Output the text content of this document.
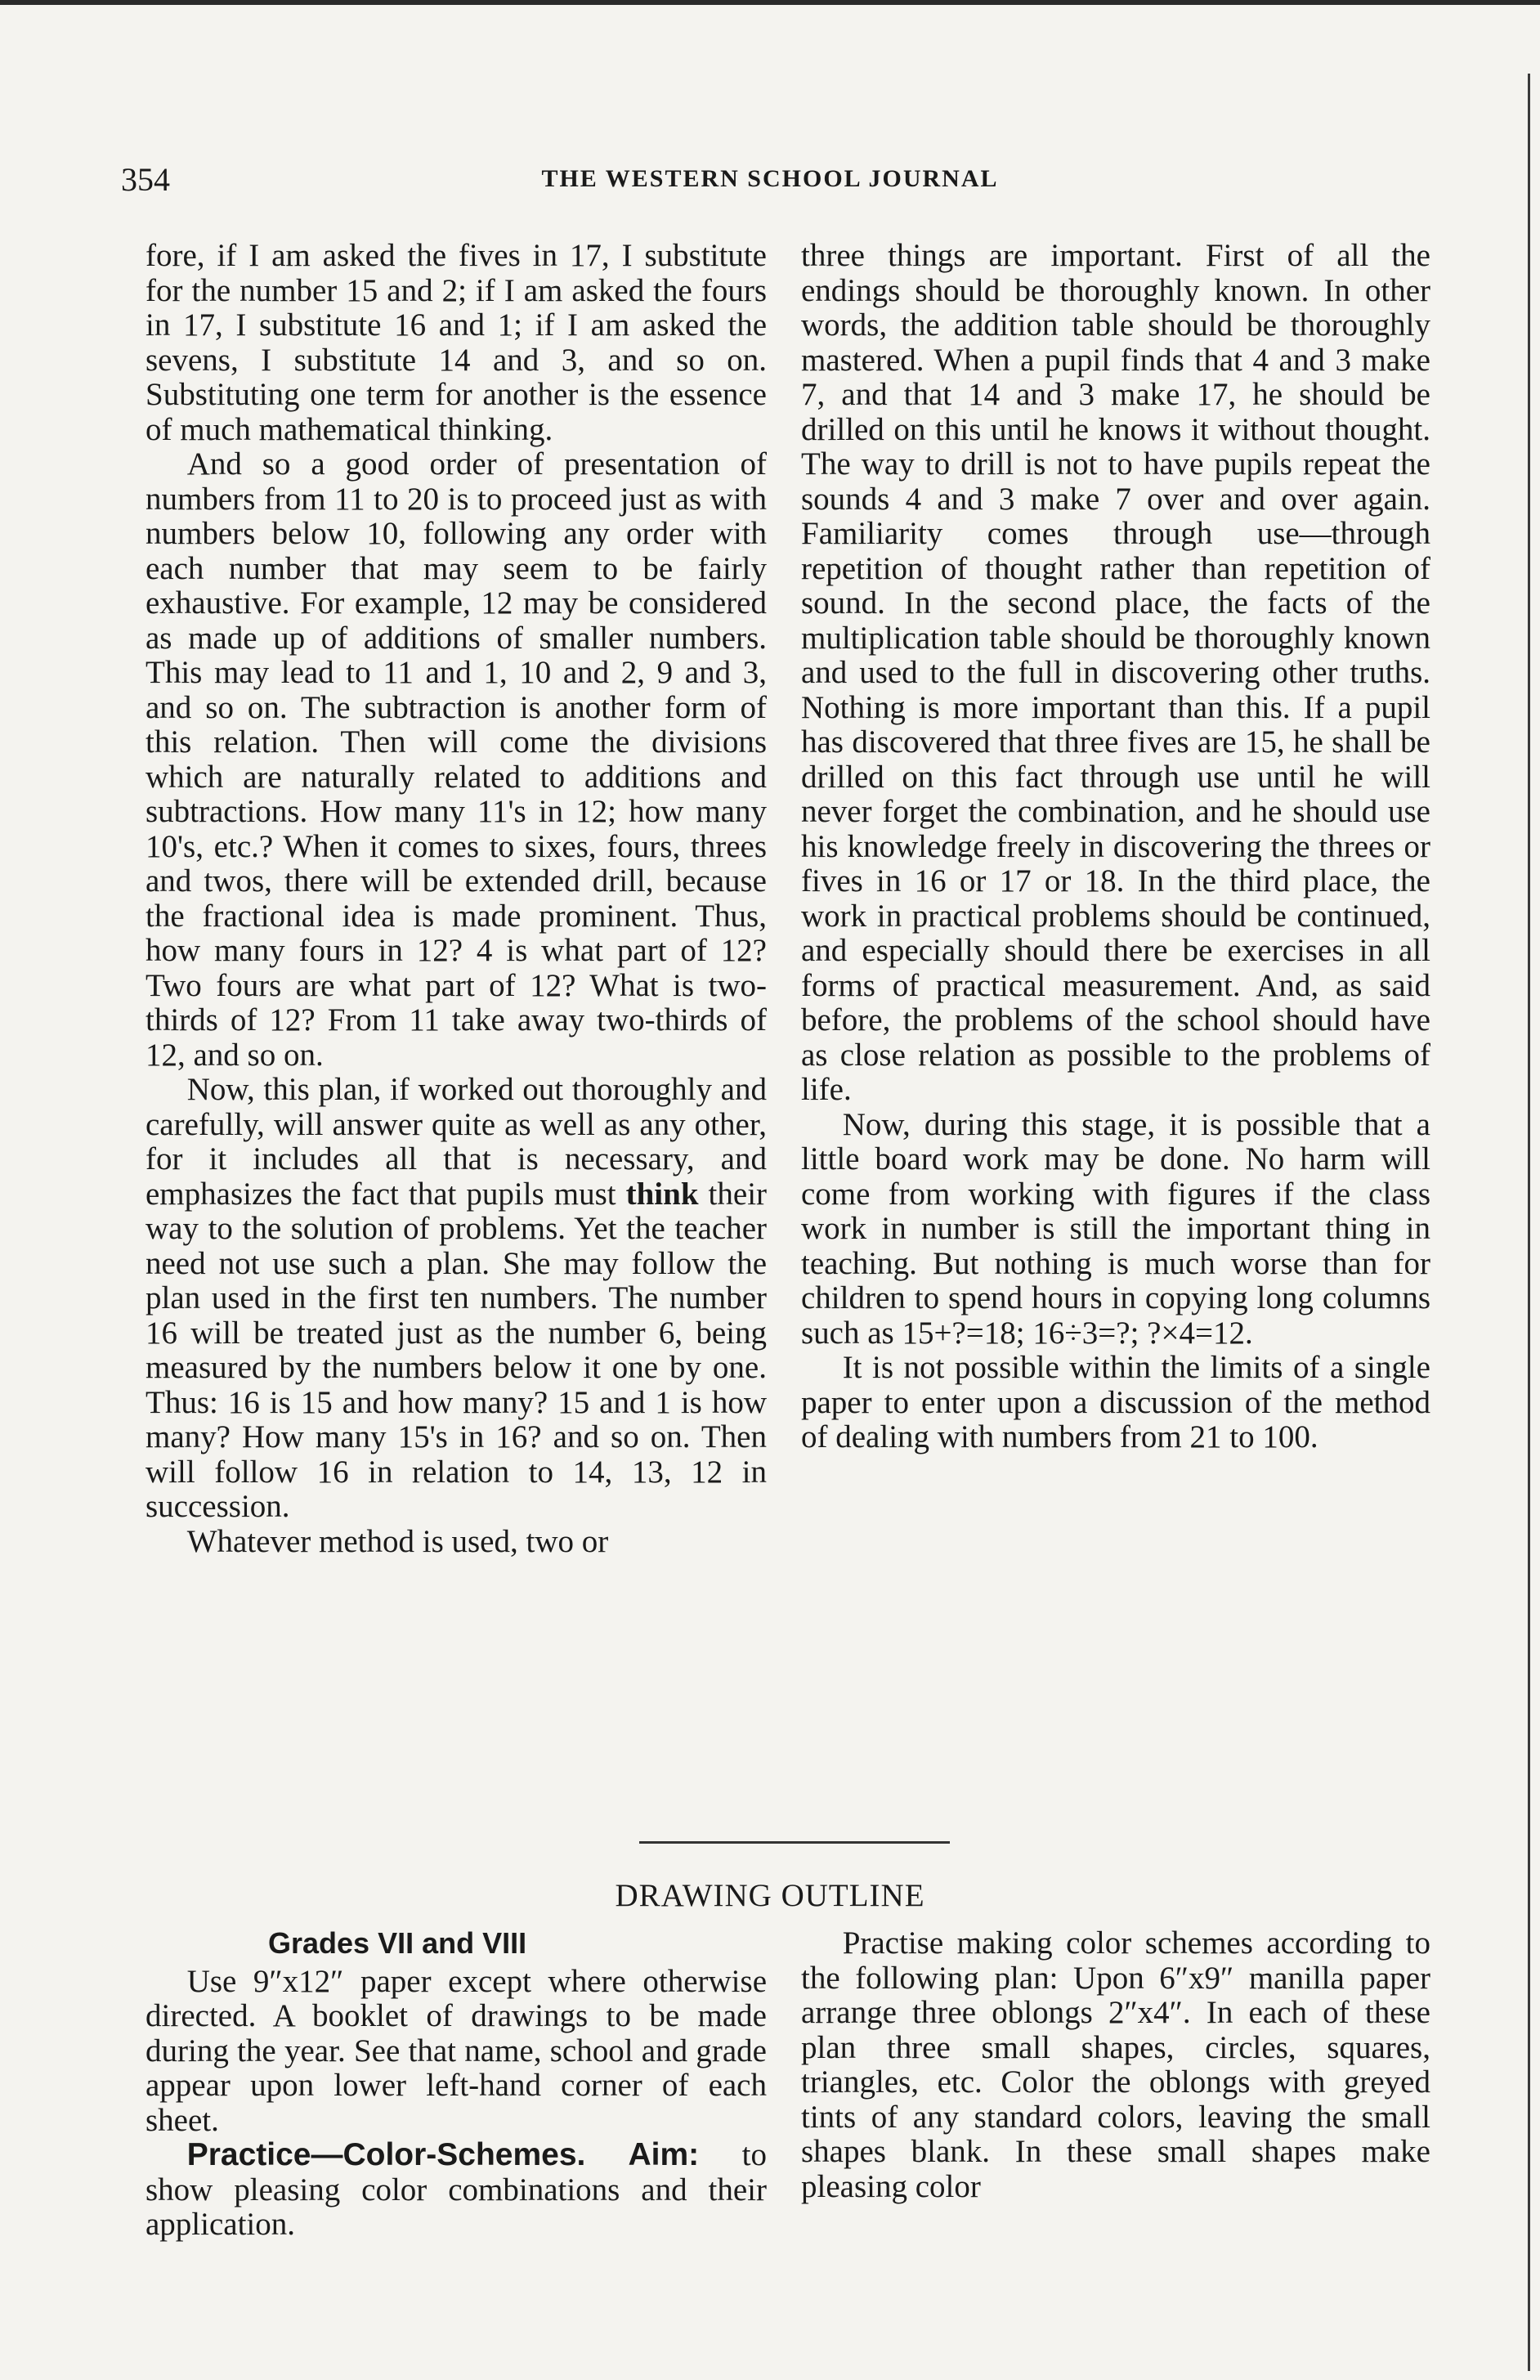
354	THE WESTERN SCHOOL JOURNAL

fore, if I am asked the fives in 17, I substitute for the number 15 and 2; if I am asked the fours in 17, I substitute 16 and 1; if I am asked the sevens, I substitute 14 and 3, and so on. Substituting one term for another is the essence of much mathematical thinking.

And so a good order of presentation of numbers from 11 to 20 is to proceed just as with numbers below 10, following any order with each number that may seem to be fairly exhaustive. For example, 12 may be considered as made up of additions of smaller numbers. This may lead to 11 and 1, 10 and 2, 9 and 3, and so on. The subtraction is another form of this relation. Then will come the divisions which are naturally related to additions and subtractions. How many 11's in 12; how many 10's, etc.? When it comes to sixes, fours, threes and twos, there will be extended drill, because the fractional idea is made prominent. Thus, how many fours in 12? 4 is what part of 12? Two fours are what part of 12? What is two-thirds of 12? From 11 take away two-thirds of 12, and so on.

Now, this plan, if worked out thoroughly and carefully, will answer quite as well as any other, for it includes all that is necessary, and emphasizes the fact that pupils must think their way to the solution of problems. Yet the teacher need not use such a plan. She may follow the plan used in the first ten numbers. The number 16 will be treated just as the number 6, being measured by the numbers below it one by one. Thus: 16 is 15 and how many? 15 and 1 is how many? How many 15's in 16? and so on. Then will follow 16 in relation to 14, 13, 12 in succession.

Whatever method is used, two or

three things are important. First of all the endings should be thoroughly known. In other words, the addition table should be thoroughly mastered. When a pupil finds that 4 and 3 make 7, and that 14 and 3 make 17, he should be drilled on this until he knows it without thought. The way to drill is not to have pupils repeat the sounds 4 and 3 make 7 over and over again. Familiarity comes through use—through repetition of thought rather than repetition of sound. In the second place, the facts of the multiplication table should be thoroughly known and used to the full in discovering other truths. Nothing is more important than this. If a pupil has discovered that three fives are 15, he shall be drilled on this fact through use until he will never forget the combination, and he should use his knowledge freely in discovering the threes or fives in 16 or 17 or 18. In the third place, the work in practical problems should be continued, and especially should there be exercises in all forms of practical measurement. And, as said before, the problems of the school should have as close relation as possible to the problems of life.

Now, during this stage, it is possible that a little board work may be done. No harm will come from working with figures if the class work in number is still the important thing in teaching. But nothing is much worse than for children to spend hours in copying long columns such as 15+?=18; 16÷3=?; ?×4=12.

It is not possible within the limits of a single paper to enter upon a discussion of the method of dealing with numbers from 21 to 100.

DRAWING OUTLINE
Grades VII and VIII

Use 9″x12″ paper except where otherwise directed. A booklet of drawings to be made during the year. See that name, school and grade appear upon lower left-hand corner of each sheet.

Practice—Color-Schemes. Aim: to show pleasing color combinations and their application.

Practise making color schemes according to the following plan: Upon 6″x9″ manilla paper arrange three oblongs 2″x4″. In each of these plan three small shapes, circles, squares, triangles, etc. Color the oblongs with greyed tints of any standard colors, leaving the small shapes blank. In these small shapes make pleasing color
